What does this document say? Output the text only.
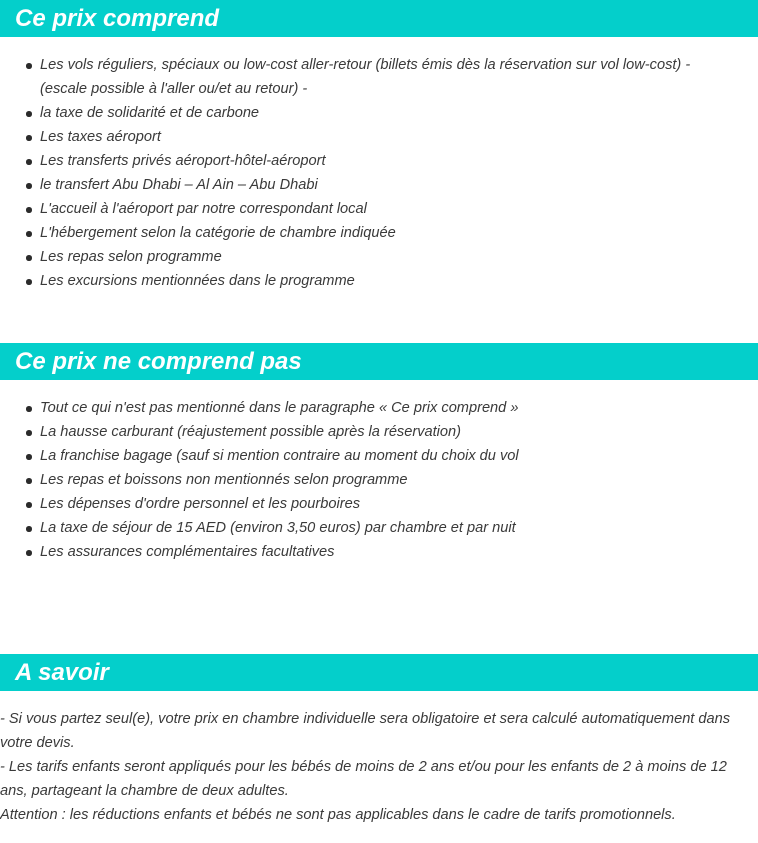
Ce prix comprend
Les vols réguliers, spéciaux ou low-cost aller-retour (billets émis dès la réservation sur vol low-cost) - (escale possible à l'aller ou/et au retour) -
la taxe de solidarité et de carbone
Les taxes aéroport
Les transferts privés aéroport-hôtel-aéroport
le transfert Abu Dhabi – Al Ain – Abu Dhabi
L'accueil à l'aéroport par notre correspondant local
L'hébergement selon la catégorie de chambre indiquée
Les repas selon programme
Les excursions mentionnées dans le programme
Ce prix ne comprend pas
Tout ce qui n'est pas mentionné dans le paragraphe « Ce prix comprend »
La hausse carburant (réajustement possible après la réservation)
La franchise bagage (sauf si mention contraire au moment du choix du vol
Les repas et boissons non mentionnés selon programme
Les dépenses d'ordre personnel et les pourboires
La taxe de séjour de 15 AED (environ 3,50 euros) par chambre et par nuit
Les assurances complémentaires facultatives
A savoir

- Si vous partez seul(e), votre prix en chambre individuelle sera obligatoire et sera calculé automatiquement dans votre devis.

- Les tarifs enfants seront appliqués pour les bébés de moins de 2 ans et/ou pour les enfants de 2 à moins de 12 ans, partageant la chambre de deux adultes.

Attention : les réductions enfants et bébés ne sont pas applicables dans le cadre de tarifs promotionnels.
